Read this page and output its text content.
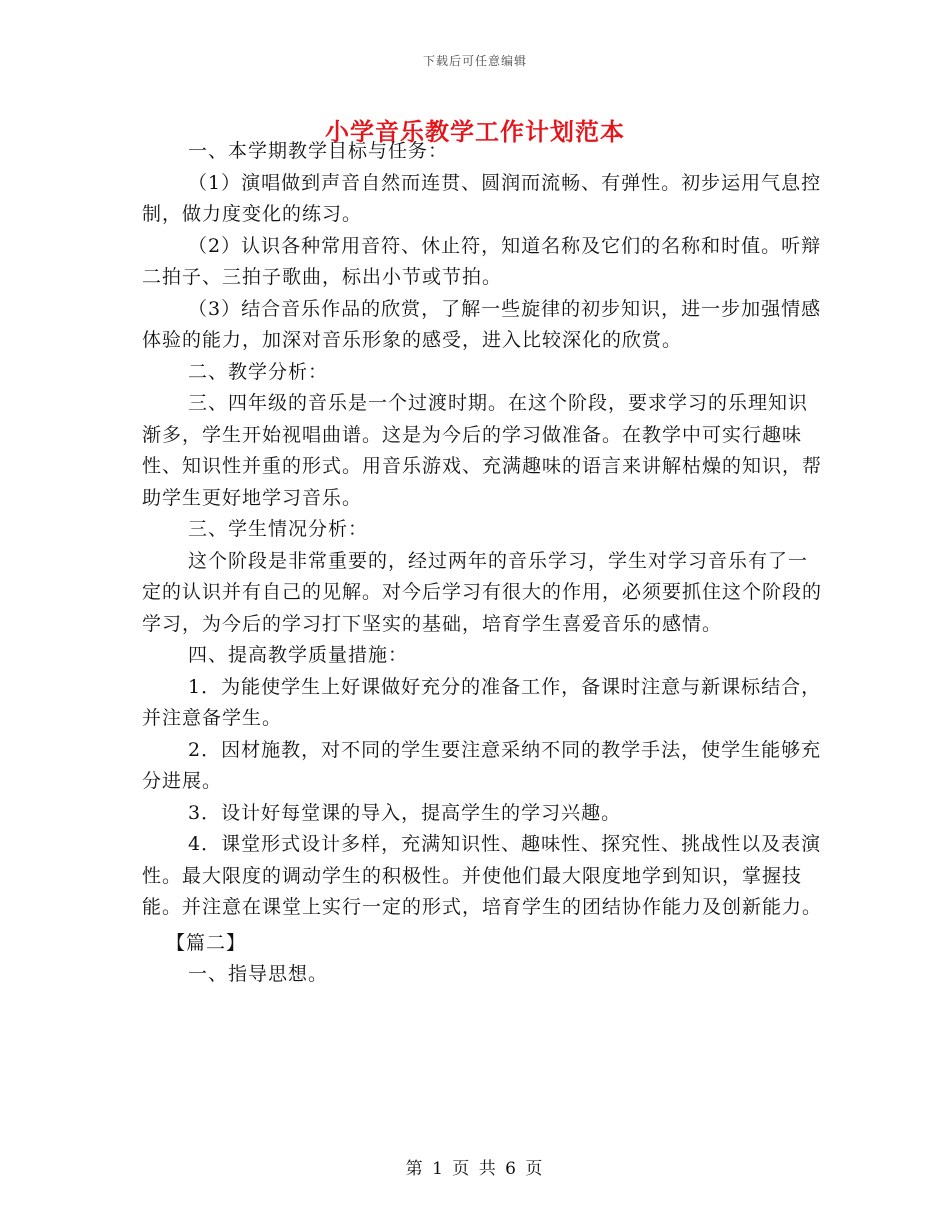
下载后可任意编辑
小学音乐教学工作计划范本

一、本学期教学目标与任务：

（1）演唱做到声音自然而连贯、圆润而流畅、有弹性。初步运用气息控制，做力度变化的练习。

（2）认识各种常用音符、休止符，知道名称及它们的名称和时值。听辩二拍子、三拍子歌曲，标出小节或节拍。

（3）结合音乐作品的欣赏，了解一些旋律的初步知识，进一步加强情感体验的能力，加深对音乐形象的感受，进入比较深化的欣赏。

二、教学分析：

三、四年级的音乐是一个过渡时期。在这个阶段，要求学习的乐理知识渐多，学生开始视唱曲谱。这是为今后的学习做准备。在教学中可实行趣味性、知识性并重的形式。用音乐游戏、充满趣味的语言来讲解枯燥的知识，帮助学生更好地学习音乐。

三、学生情况分析：

这个阶段是非常重要的，经过两年的音乐学习，学生对学习音乐有了一定的认识并有自己的见解。对今后学习有很大的作用，必须要抓住这个阶段的学习，为今后的学习打下坚实的基础，培育学生喜爱音乐的感情。

四、提高教学质量措施：

1．为能使学生上好课做好充分的准备工作，备课时注意与新课标结合，并注意备学生。

2．因材施教，对不同的学生要注意采纳不同的教学手法，使学生能够充分进展。

3．设计好每堂课的导入，提高学生的学习兴趣。

4．课堂形式设计多样，充满知识性、趣味性、探究性、挑战性以及表演性。最大限度的调动学生的积极性。并使他们最大限度地学到知识，掌握技能。并注意在课堂上实行一定的形式，培育学生的团结协作能力及创新能力。

【篇二】

一、指导思想。

第 1 页 共 6 页
